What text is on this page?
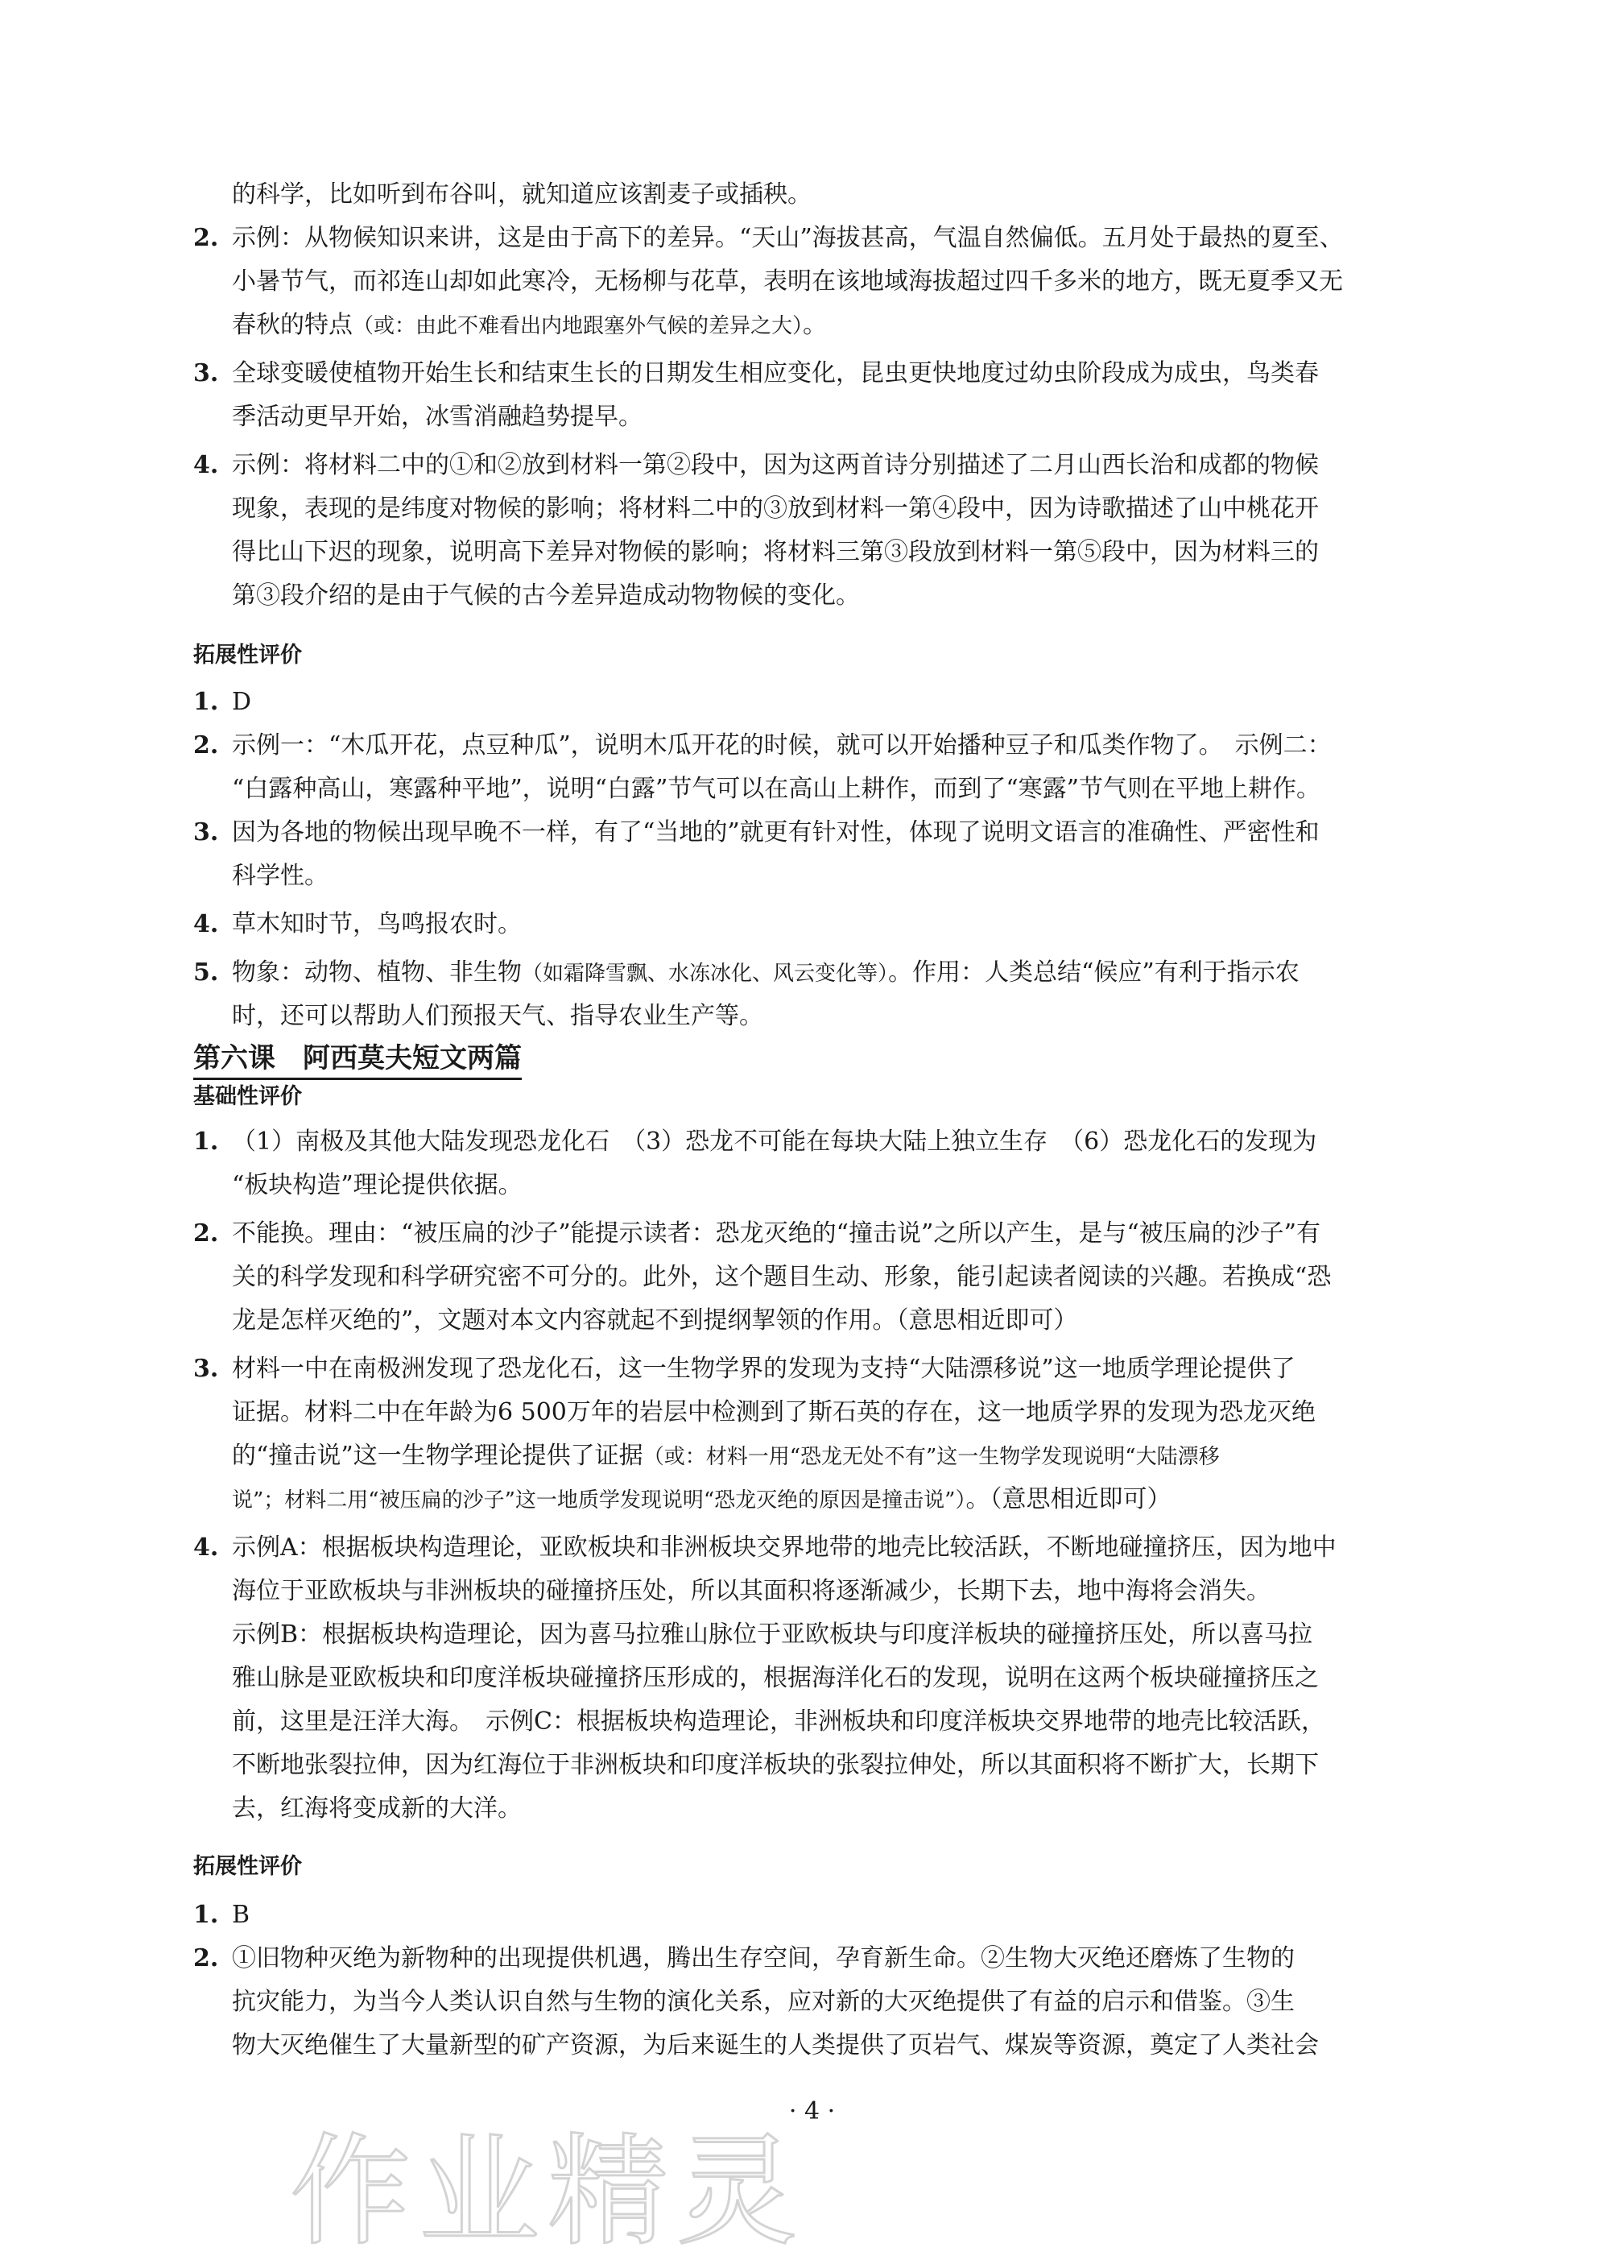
的科学，比如听到布谷叫，就知道应该割麦子或插秧。
2. 示例：从物候知识来讲，这是由于高下的差异。“天山”海拔甚高，气温自然偏低。五月处于最热的夏至、
小暑节气，而祁连山却如此寒冷，无杨柳与花草，表明在该地域海拔超过四千多米的地方，既无夏季又无
春秋的特点（或：由此不难看出内地跟塞外气候的差异之大）。
3. 全球变暖使植物开始生长和结束生长的日期发生相应变化，昆虫更快地度过幼虫阶段成为成虫，鸟类春
季活动更早开始，冰雪消融趋势提早。
4. 示例：将材料二中的①和②放到材料一第②段中，因为这两首诗分别描述了二月山西长治和成都的物候
现象，表现的是纬度对物候的影响；将材料二中的③放到材料一第④段中，因为诗歌描述了山中桃花开
得比山下迟的现象，说明高下差异对物候的影响；将材料三第③段放到材料一第⑤段中，因为材料三的
第③段介绍的是由于气候的古今差异造成动物物候的变化。
拓展性评价
1. D
2. 示例一：“木瓜开花，点豆种瓜”，说明木瓜开花的时候，就可以开始播种豆子和瓜类作物了。　示例二：
“白露种高山，寒露种平地”，说明“白露”节气可以在高山上耕作，而到了“寒露”节气则在平地上耕作。
3. 因为各地的物候出现早晚不一样，有了“当地的”就更有针对性，体现了说明文语言的准确性、严密性和
科学性。
4. 草木知时节，鸟鸣报农时。
5. 物象：动物、植物、非生物（如霜降雪飘、水冻冰化、风云变化等）。作用：人类总结“候应”有利于指示农
时，还可以帮助人们预报天气、指导农业生产等。
基础性评价
1. （1）南极及其他大陆发现恐龙化石　（3）恐龙不可能在每块大陆上独立生存　（6）恐龙化石的发现为
“板块构造”理论提供依据。
2. 不能换。理由：“被压扁的沙子”能提示读者：恐龙灭绝的“撞击说”之所以产生，是与“被压扁的沙子”有
关的科学发现和科学研究密不可分的。此外，这个题目生动、形象，能引起读者阅读的兴趣。若换成“恐
龙是怎样灭绝的”，文题对本文内容就起不到提纲挈领的作用。（意思相近即可）
3. 材料一中在南极洲发现了恐龙化石，这一生物学界的发现为支持“大陆漂移说”这一地质学理论提供了
证据。材料二中在年龄为6 500万年的岩层中检测到了斯石英的存在，这一地质学界的发现为恐龙灭绝
的“撞击说”这一生物学理论提供了证据（或：材料一用“恐龙无处不有”这一生物学发现说明“大陆漂移
说”；材料二用“被压扁的沙子”这一地质学发现说明“恐龙灭绝的原因是撞击说”）。（意思相近即可）
4. 示例A：根据板块构造理论，亚欧板块和非洲板块交界地带的地壳比较活跃，不断地碰撞挤压，因为地中
海位于亚欧板块与非洲板块的碰撞挤压处，所以其面积将逐渐减少，长期下去，地中海将会消失。
示例B：根据板块构造理论，因为喜马拉雅山脉位于亚欧板块与印度洋板块的碰撞挤压处，所以喜马拉
雅山脉是亚欧板块和印度洋板块碰撞挤压形成的，根据海洋化石的发现，说明在这两个板块碰撞挤压之
前，这里是汪洋大海。　示例C：根据板块构造理论，非洲板块和印度洋板块交界地带的地壳比较活跃，
不断地张裂拉伸，因为红海位于非洲板块和印度洋板块的张裂拉伸处，所以其面积将不断扩大，长期下
去，红海将变成新的大洋。
拓展性评价
1. B
2. ①旧物种灭绝为新物种的出现提供机遇，腾出生存空间，孕育新生命。②生物大灭绝还磨炼了生物的
抗灾能力，为当今人类认识自然与生物的演化关系，应对新的大灭绝提供了有益的启示和借鉴。③生
物大灭绝催生了大量新型的矿产资源，为后来诞生的人类提供了页岩气、煤炭等资源，奠定了人类社会
第六课　阿西莫夫短文两篇
· 4 ·
作业精灵
